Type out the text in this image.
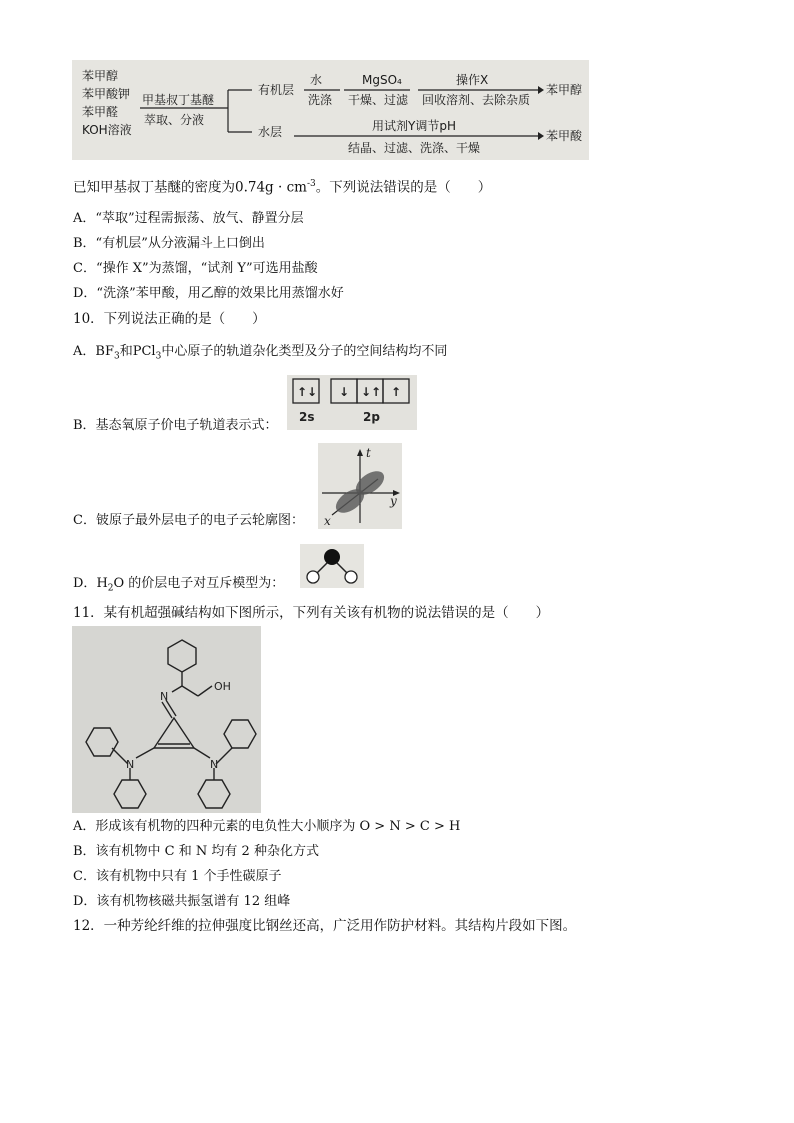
苯甲醇
苯甲酸钾
苯甲醛
KOH溶液
甲基叔丁基醚
萃取、分液
有机层
水
洗涤
MgSO₄
干燥、过滤
操作X
回收溶剂、去除杂质
苯甲醇
水层	用试剂Y调节pH
结晶、过滤、洗涤、干燥
苯甲酸
已知甲基叔丁基醚的密度为$0.74g \cdot cm^{-3}$。下列说法错误的是（　　）
A．“萃取”过程需振荡、放气、静置分层
B．“有机层”从分液漏斗上口倒出
C．“操作 X”为蒸馏，“试剂 Y”可选用盐酸
D．“洗涤”苯甲酸，用乙醇的效果比用蒸馏水好
10．下列说法正确的是（　　）
A．$BF_3$和PCl$_3$中心原子的轨道杂化类型及分子的空间结构均不同
↑↓ ↓ ↓↑ ↑
2s	2p
B．基态氧原子价电子轨道表示式：
t
x
y
C．铍原子最外层电子的电子云轮廓图：
D．$H_2O$ 的价层电子对互斥模型为：
11．某有机超强碱结构如下图所示，下列有关该有机物的说法错误的是（　　）
OH
N
N	N
A．形成该有机物的四种元素的电负性大小顺序为 O > N > C > H
B．该有机物中 C 和 N 均有 2 种杂化方式
C．该有机物中只有 1 个手性碳原子
D．该有机物核磁共振氢谱有 12 组峰
12．一种芳纶纤维的拉伸强度比钢丝还高，广泛用作防护材料。其结构片段如下图。
